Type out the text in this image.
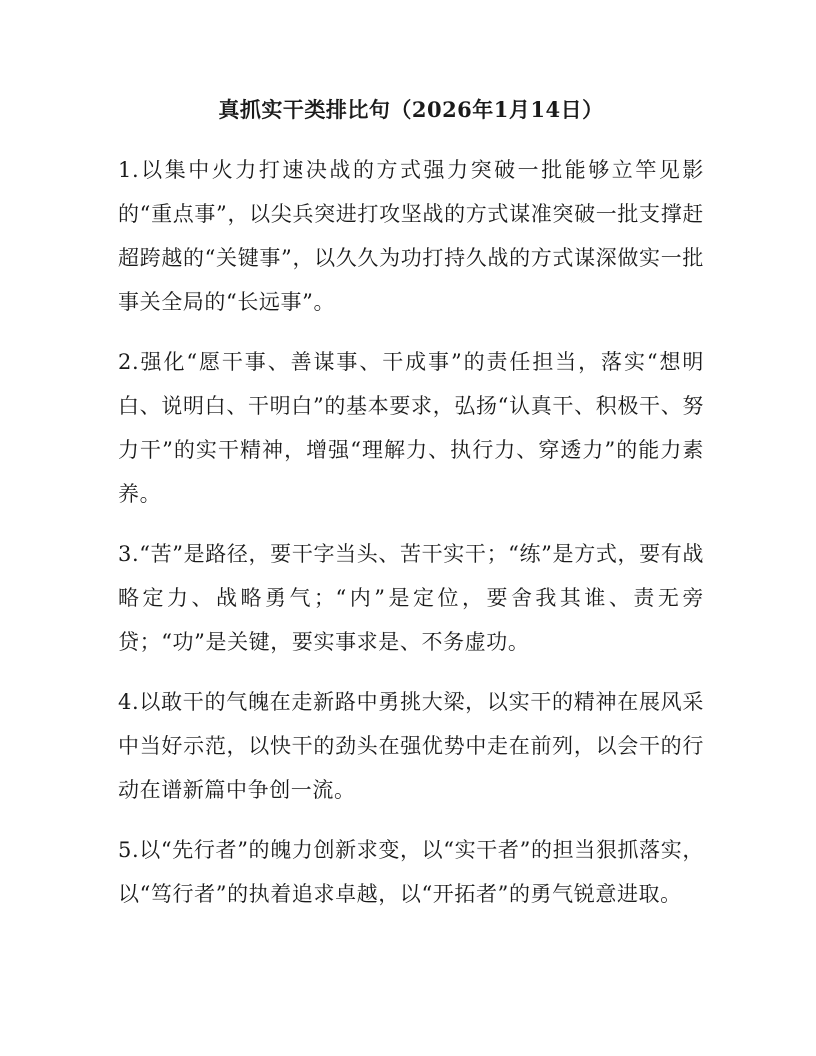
真抓实干类排比句（2026年1月14日）

1.以集中火力打速决战的方式强力突破一批能够立竿见影的“重点事”，以尖兵突进打攻坚战的方式谋准突破一批支撑赶超跨越的“关键事”，以久久为功打持久战的方式谋深做实一批事关全局的“长远事”。

2.强化“愿干事、善谋事、干成事”的责任担当，落实“想明白、说明白、干明白”的基本要求，弘扬“认真干、积极干、努力干”的实干精神，增强“理解力、执行力、穿透力”的能力素养。

3.“苦”是路径，要干字当头、苦干实干；“练”是方式，要有战略定力、战略勇气；“内”是定位，要舍我其谁、责无旁贷；“功”是关键，要实事求是、不务虚功。

4.以敢干的气魄在走新路中勇挑大梁，以实干的精神在展风采中当好示范，以快干的劲头在强优势中走在前列，以会干的行动在谱新篇中争创一流。

5.以“先行者”的魄力创新求变，以“实干者”的担当狠抓落实，以“笃行者”的执着追求卓越，以“开拓者”的勇气锐意进取。
